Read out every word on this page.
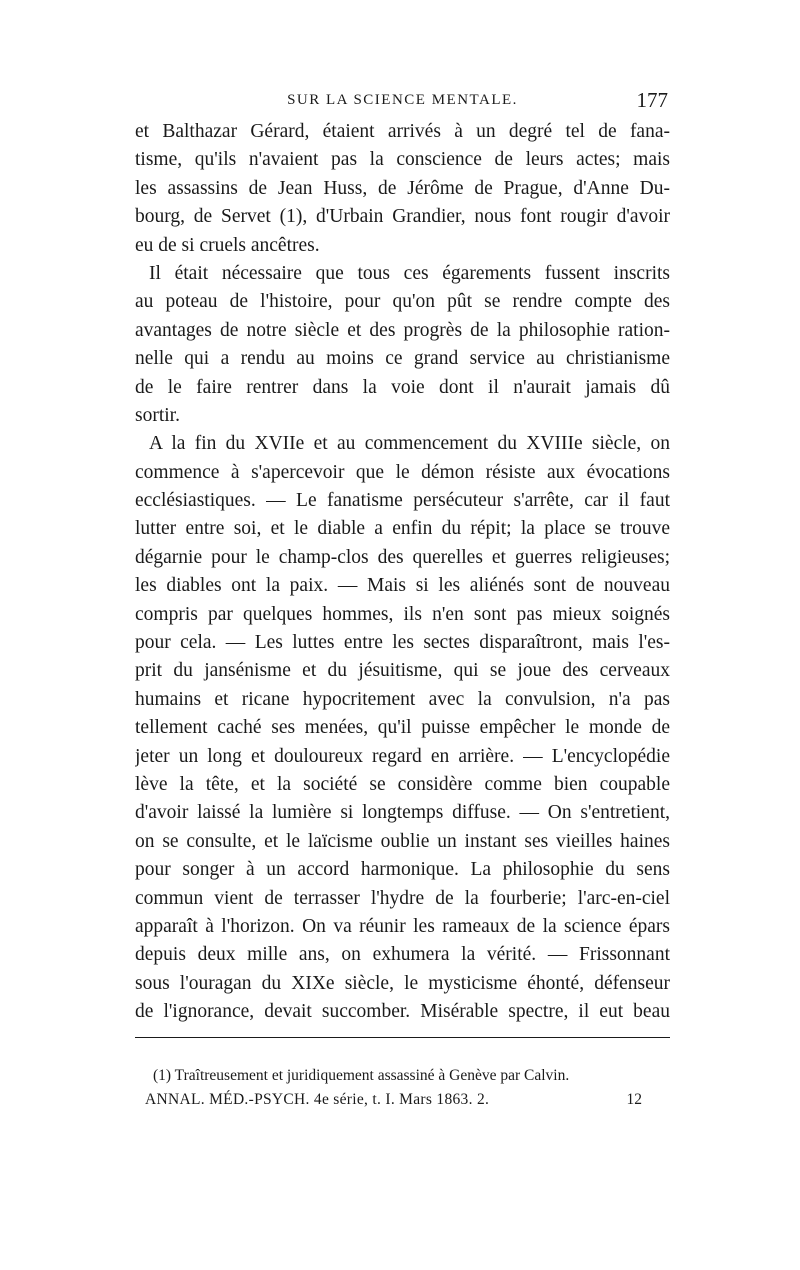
SUR LA SCIENCE MENTALE.	177
et Balthazar Gérard, étaient arrivés à un degré tel de fana-
tisme, qu'ils n'avaient pas la conscience de leurs actes; mais
les assassins de Jean Huss, de Jérôme de Prague, d'Anne Du-
bourg, de Servet (1), d'Urbain Grandier, nous font rougir d'avoir
eu de si cruels ancêtres.
Il était nécessaire que tous ces égarements fussent inscrits
au poteau de l'histoire, pour qu'on pût se rendre compte des
avantages de notre siècle et des progrès de la philosophie ration-
nelle qui a rendu au moins ce grand service au christianisme
de le faire rentrer dans la voie dont il n'aurait jamais dû
sortir.
A la fin du XVIIe et au commencement du XVIIIe siècle, on
commence à s'apercevoir que le démon résiste aux évocations
ecclésiastiques. — Le fanatisme persécuteur s'arrête, car il faut
lutter entre soi, et le diable a enfin du répit; la place se trouve
dégarnie pour le champ-clos des querelles et guerres religieuses;
les diables ont la paix. — Mais si les aliénés sont de nouveau
compris par quelques hommes, ils n'en sont pas mieux soignés
pour cela. — Les luttes entre les sectes disparaîtront, mais l'es-
prit du jansénisme et du jésuitisme, qui se joue des cerveaux
humains et ricane hypocritement avec la convulsion, n'a pas
tellement caché ses menées, qu'il puisse empêcher le monde de
jeter un long et douloureux regard en arrière. — L'encyclopédie
lève la tête, et la société se considère comme bien coupable
d'avoir laissé la lumière si longtemps diffuse. — On s'entretient,
on se consulte, et le laïcisme oublie un instant ses vieilles haines
pour songer à un accord harmonique. La philosophie du sens
commun vient de terrasser l'hydre de la fourberie; l'arc-en-ciel
apparaît à l'horizon. On va réunir les rameaux de la science épars
depuis deux mille ans, on exhumera la vérité. — Frissonnant
sous l'ouragan du XIXe siècle, le mysticisme éhonté, défenseur
de l'ignorance, devait succomber. Misérable spectre, il eut beau
(1) Traîtreusement et juridiquement assassiné à Genève par Calvin.
ANNAL. MÉD.-PSYCH. 4e série, t. I. Mars 1863. 2.	12
